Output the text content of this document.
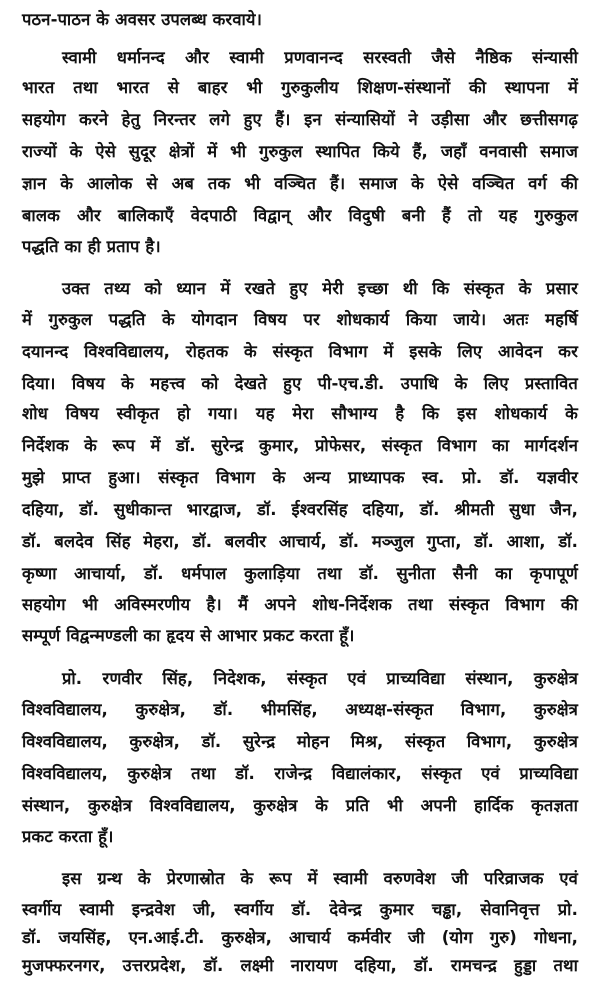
पठन-पाठन के अवसर उपलब्ध करवाये।
स्वामी धर्मानन्द और स्वामी प्रणवानन्द सरस्वती जैसे नैष्ठिक संन्यासी
भारत तथा भारत से बाहर भी गुरुकुलीय शिक्षण-संस्थानों की स्थापना में
सहयोग करने हेतु निरन्तर लगे हुए हैं। इन संन्यासियों ने उड़ीसा और छत्तीसगढ़
राज्यों के ऐसे सुदूर क्षेत्रों में भी गुरुकुल स्थापित किये हैं, जहाँ वनवासी समाज
ज्ञान के आलोक से अब तक भी वञ्चित हैं। समाज के ऐसे वञ्चित वर्ग की
बालक और बालिकाएँ वेदपाठी विद्वान् और विदुषी बनी हैं तो यह गुरुकुल
पद्धति का ही प्रताप है।
उक्त तथ्य को ध्यान में रखते हुए मेरी इच्छा थी कि संस्कृत के प्रसार
में गुरुकुल पद्धति के योगदान विषय पर शोधकार्य किया जाये। अतः महर्षि
दयानन्द विश्वविद्यालय, रोहतक के संस्कृत विभाग में इसके लिए आवेदन कर
दिया। विषय के महत्त्व को देखते हुए पी-एच.डी. उपाधि के लिए प्रस्तावित
शोध विषय स्वीकृत हो गया। यह मेरा सौभाग्य है कि इस शोधकार्य के
निर्देशक के रूप में डॉ. सुरेन्द्र कुमार, प्रोफेसर, संस्कृत विभाग का मार्गदर्शन
मुझे प्राप्त हुआ। संस्कृत विभाग के अन्य प्राध्यापक स्व. प्रो. डॉ. यज्ञवीर
दहिया, डॉ. सुधीकान्त भारद्वाज, डॉ. ईश्वरसिंह दहिया, डॉ. श्रीमती सुधा जैन,
डॉ. बलदेव सिंह मेहरा, डॉ. बलवीर आचार्य, डॉ. मञ्जुल गुप्ता, डॉ. आशा, डॉ.
कृष्णा आचार्या, डॉ. धर्मपाल कुलाड़िया तथा डॉ. सुनीता सैनी का कृपापूर्ण
सहयोग भी अविस्मरणीय है। मैं अपने शोध-निर्देशक तथा संस्कृत विभाग की
सम्पूर्ण विद्वन्मण्डली का हृदय से आभार प्रकट करता हूँ।
प्रो. रणवीर सिंह, निदेशक, संस्कृत एवं प्राच्यविद्या संस्थान, कुरुक्षेत्र
विश्वविद्यालय, कुरुक्षेत्र, डॉ. भीमसिंह, अध्यक्ष-संस्कृत विभाग, कुरुक्षेत्र
विश्वविद्यालय, कुरुक्षेत्र, डॉ. सुरेन्द्र मोहन मिश्र, संस्कृत विभाग, कुरुक्षेत्र
विश्वविद्यालय, कुरुक्षेत्र तथा डॉ. राजेन्द्र विद्यालंकार, संस्कृत एवं प्राच्यविद्या
संस्थान, कुरुक्षेत्र विश्वविद्यालय, कुरुक्षेत्र के प्रति भी अपनी हार्दिक कृतज्ञता
प्रकट करता हूँ।
इस ग्रन्थ के प्रेरणास्रोत के रूप में स्वामी वरुणवेश जी परिव्राजक एवं
स्वर्गीय स्वामी इन्द्रवेश जी, स्वर्गीय डॉ. देवेन्द्र कुमार चड्ढा, सेवानिवृत्त प्रो.
डॉ. जयसिंह, एन.आई.टी. कुरुक्षेत्र, आचार्य कर्मवीर जी (योग गुरु) गोधना,
मुजफ्फरनगर, उत्तरप्रदेश, डॉ. लक्ष्मी नारायण दहिया, डॉ. रामचन्द्र हुड्डा तथा
